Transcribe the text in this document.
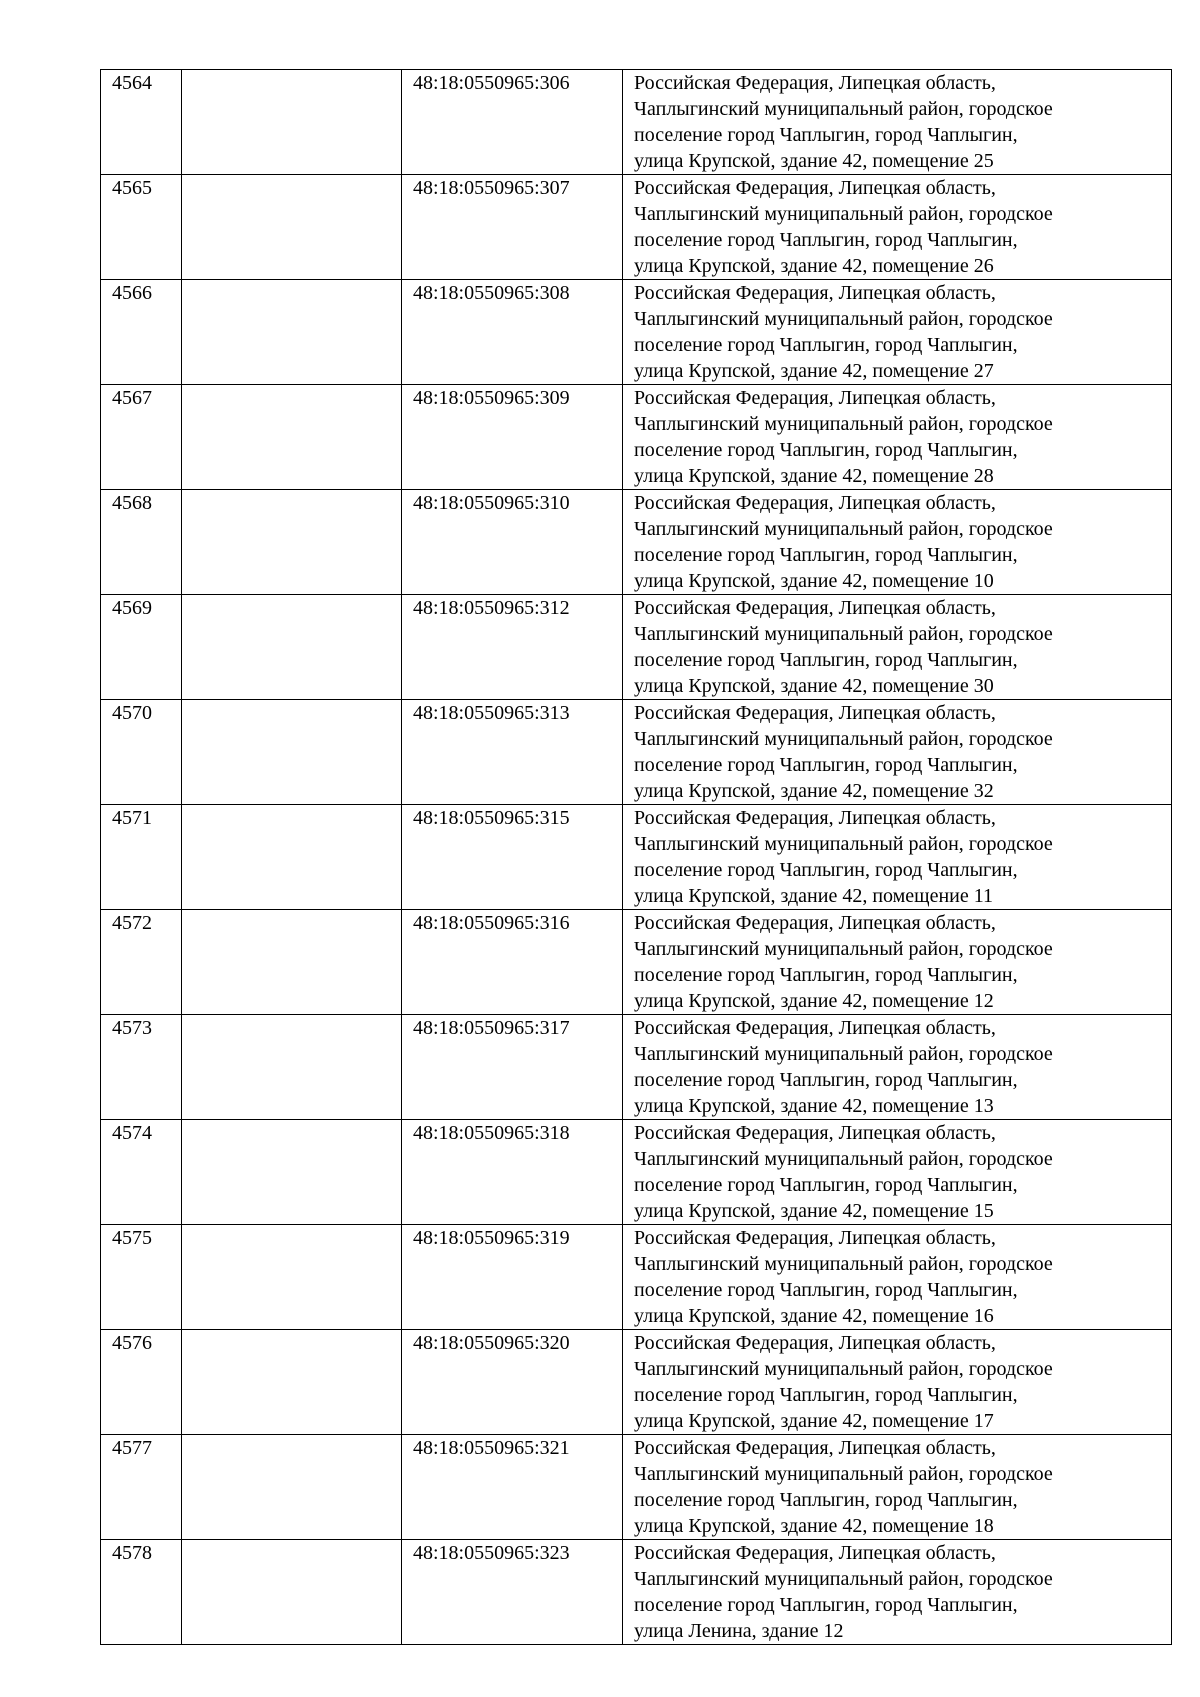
4564		48:18:0550965:306	Российская Федерация, Липецкая область,
Чаплыгинский муниципальный район, городское
поселение город Чаплыгин, город Чаплыгин,
улица Крупской, здание 42, помещение 25
4565		48:18:0550965:307	Российская Федерация, Липецкая область,
Чаплыгинский муниципальный район, городское
поселение город Чаплыгин, город Чаплыгин,
улица Крупской, здание 42, помещение 26
4566		48:18:0550965:308	Российская Федерация, Липецкая область,
Чаплыгинский муниципальный район, городское
поселение город Чаплыгин, город Чаплыгин,
улица Крупской, здание 42, помещение 27
4567		48:18:0550965:309	Российская Федерация, Липецкая область,
Чаплыгинский муниципальный район, городское
поселение город Чаплыгин, город Чаплыгин,
улица Крупской, здание 42, помещение 28
4568		48:18:0550965:310	Российская Федерация, Липецкая область,
Чаплыгинский муниципальный район, городское
поселение город Чаплыгин, город Чаплыгин,
улица Крупской, здание 42, помещение 10
4569		48:18:0550965:312	Российская Федерация, Липецкая область,
Чаплыгинский муниципальный район, городское
поселение город Чаплыгин, город Чаплыгин,
улица Крупской, здание 42, помещение 30
4570		48:18:0550965:313	Российская Федерация, Липецкая область,
Чаплыгинский муниципальный район, городское
поселение город Чаплыгин, город Чаплыгин,
улица Крупской, здание 42, помещение 32
4571		48:18:0550965:315	Российская Федерация, Липецкая область,
Чаплыгинский муниципальный район, городское
поселение город Чаплыгин, город Чаплыгин,
улица Крупской, здание 42, помещение 11
4572		48:18:0550965:316	Российская Федерация, Липецкая область,
Чаплыгинский муниципальный район, городское
поселение город Чаплыгин, город Чаплыгин,
улица Крупской, здание 42, помещение 12
4573		48:18:0550965:317	Российская Федерация, Липецкая область,
Чаплыгинский муниципальный район, городское
поселение город Чаплыгин, город Чаплыгин,
улица Крупской, здание 42, помещение 13
4574		48:18:0550965:318	Российская Федерация, Липецкая область,
Чаплыгинский муниципальный район, городское
поселение город Чаплыгин, город Чаплыгин,
улица Крупской, здание 42, помещение 15
4575		48:18:0550965:319	Российская Федерация, Липецкая область,
Чаплыгинский муниципальный район, городское
поселение город Чаплыгин, город Чаплыгин,
улица Крупской, здание 42, помещение 16
4576		48:18:0550965:320	Российская Федерация, Липецкая область,
Чаплыгинский муниципальный район, городское
поселение город Чаплыгин, город Чаплыгин,
улица Крупской, здание 42, помещение 17
4577		48:18:0550965:321	Российская Федерация, Липецкая область,
Чаплыгинский муниципальный район, городское
поселение город Чаплыгин, город Чаплыгин,
улица Крупской, здание 42, помещение 18
4578		48:18:0550965:323	Российская Федерация, Липецкая область,
Чаплыгинский муниципальный район, городское
поселение город Чаплыгин, город Чаплыгин,
улица Ленина, здание 12
